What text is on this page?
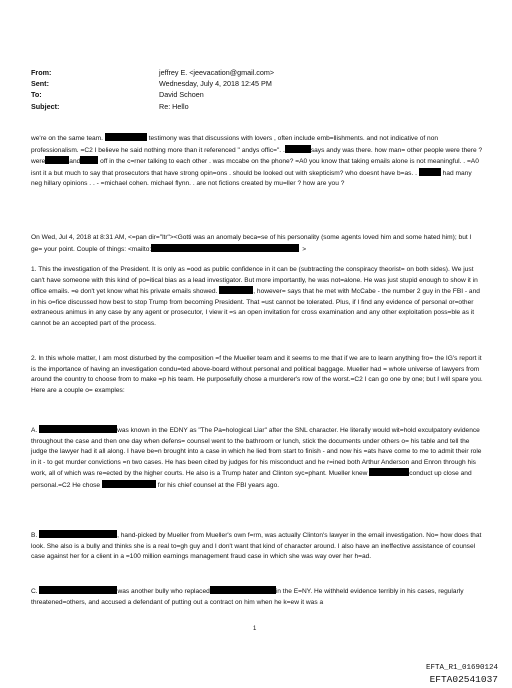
From:	jeffrey E. <jeevacation@gmail.com>
Sent:	Wednesday, July 4, 2018 12:45 PM
To:	David Schoen
Subject:	Re: Hello

we're on the same team.	testimony was that discussions with lovers , often include emb=llishments. and not indicative of non professionalism. =C2 I believe he said nothing more than it referenced " andys offic=". .	says andy was there. how man= other people were there ? were	and	off in the c=rner talking to each other . was mccabe on the phone? =A0 you know that taking emails alone is not meaningful. . =A0 isnt it a but much to say that prosecutors that have strong opin=ons . should be looked out with skepticism? who doesnt have b=as. .	had many neg hillary opinions . . - =michael cohen. michael flynn. . are not fictions created by mu=ller ? how are you ?

On Wed, Jul 4, 2018 at 8:31 AM, <=pan dir="ltr"><Gotti was an anomaly beca=se of his personality (some agents loved him and some hated him); but I ge= your point. Couple of things: <mailto:	>

1. This the investigation of the President. It is only as =ood as public confidence in it can be (subtracting the conspiracy theorist= on both sides). We just can't have someone with this kind of po=itical bias as a lead investigator. But more importantly, he was not=alone. He was just stupid enough to show it in office emails. =e don't yet know what his private emails showed.	, however= says that he met with McCabe - the number 2 guy in the FBI - and in his o=fice discussed how best to stop Trump from becoming President. That =ust cannot be tolerated. Plus, if I find any evidence of personal or=other extraneous animus in any case by any agent or prosecutor, I view it =s an open invitation for cross examination and any other exploitation poss=ble as it cannot be an accepted part of the process.

2. In this whole matter, I am most disturbed by the composition =f the Mueller team and it seems to me that if we are to learn anything fro= the IG's report it is the importance of having an investigation condu=ted above-board without personal and political baggage. Mueller had = whole universe of lawyers from around the country to choose from to make =p his team. He purposefully chose a murderer's row of the worst.=C2 I can go one by one; but I will spare you. Here are a couple o= examples:

A.	was known in the EDNY as "The Pa=hological Liar" after the SNL character. He literally would wit=hold exculpatory evidence throughout the case and then one day when defens= counsel went to the bathroom or lunch, stick the documents under others o= his table and tell the judge the lawyer had it all along. I have be=n brought into a case in which he lied from start to finish - and now his =ats have come to me to admit their role in it - to get murder convictions =n two cases. He has been cited by judges for his misconduct and he r=ined both Arthur Anderson and Enron through his work, all of which was re=ected by the higher courts. He also is a Trump hater and Clinton syc=phant. Mueller knew	conduct up close and personal.=C2 He chose	for his chief counsel at the FBI years ago.

B.	, hand-picked by Mueller from Mueller's own f=rm, was actually Clinton's lawyer in the email investigation. No= how does that look. She also is a bully and thinks she is a real to=gh guy and I don't want that kind of character around. I also have an ineffective assistance of counsel case against her for a client in a =100 million earnings management fraud case in which she was way over her h=ad.

C.	was another bully who replaced	in the E=NY. He withheld evidence terribly in his cases, regularly threatened=others, and accused a defendant of putting out a contract on him when he k=ew it was a

1
EFTA_R1_01690124
EFTA02541037
